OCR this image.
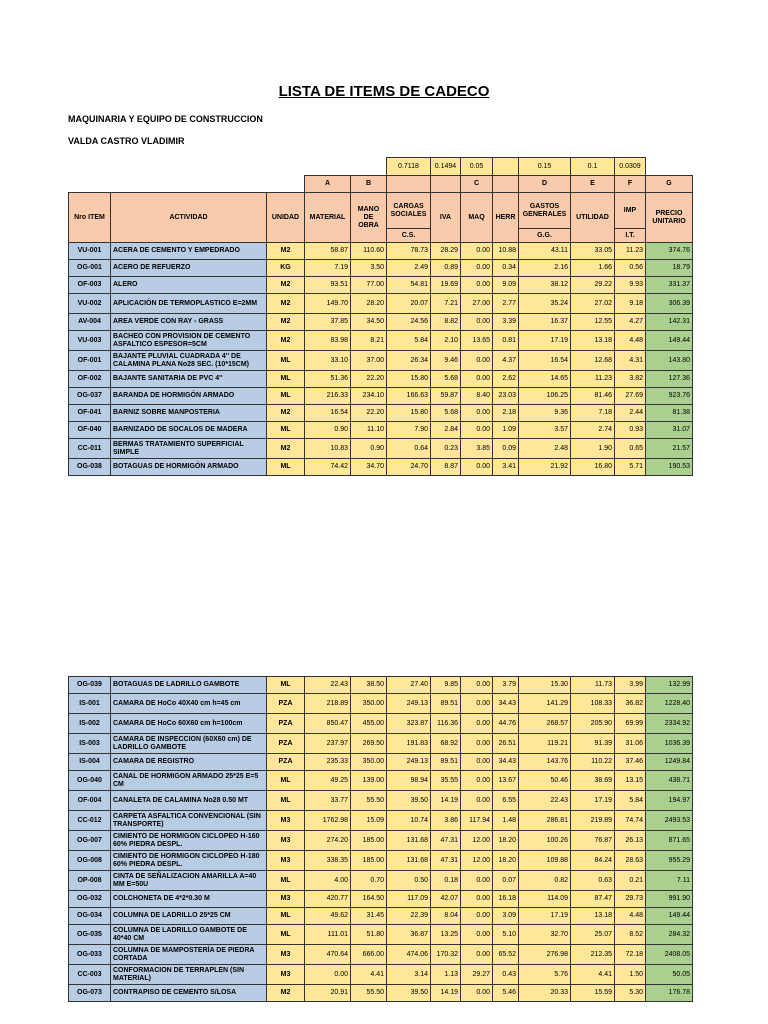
LISTA DE ITEMS DE CADECO
MAQUINARIA Y EQUIPO DE CONSTRUCCION
VALDA CASTRO VLADIMIR
					0.7118	0.1494	0.05		0.15	0.1	0.0309	
			A	B			C		D	E	F	G
Nro ITEM	ACTIVIDAD	UNIDAD	MATERIAL	MANO DE OBRA	CARGAS SOCIALES	IVA	MAQ	HERR	GASTOS GENERALES	UTILIDAD	IMP	PRECIO UNITARIO
					C.S.				G.G.		I.T.	
VU-001	ACERA DE CEMENTO Y EMPEDRADO	M2	58.87	110.60	78.73	28.29	0.00	10.88	43.11	33.05	11.23	374.76
OG-001	ACERO DE REFUERZO	KG	7.19	3.50	2.49	0.89	0.00	0.34	2.16	1.66	0.56	18.79
OF-003	ALERO	M2	93.51	77.00	54.81	19.69	0.00	9.09	38.12	29.22	9.93	331.37
VU-002	APLICACIÓN DE TERMOPLASTICO E=2MM	M2	149.70	28.20	20.07	7.21	27.00	2.77	35.24	27.02	9.18	306.39
AV-004	AREA VERDE CON RAY - GRASS	M2	37.85	34.50	24.56	8.82	0.00	3.39	16.37	12.55	4.27	142.31
VU-003	BACHEO CON PROVISION DE CEMENTO ASFALTICO ESPESOR=5CM	M2	83.98	8.21	5.84	2.10	13.65	0.81	17.19	13.18	4.48	149.44
OF-001	BAJANTE PLUVIAL CUADRADA 4'' DE CALAMINA PLANA No28 SEC. (10*15CM)	ML	33.10	37.00	26.34	9.46	0.00	4.37	16.54	12.68	4.31	143.80
OF-002	BAJANTE SANITARIA DE PVC 4''	ML	51.36	22.20	15.80	5.68	0.00	2.62	14.65	11.23	3.82	127.36
OG-037	BARANDA DE HORMIGÓN ARMADO	ML	216.33	234.10	166.63	59.87	8.40	23.03	106.25	81.46	27.69	923.76
OF-041	BARNIZ SOBRE MANPOSTERIA	M2	16.54	22.20	15.80	5.68	0.00	2.18	9.36	7.18	2.44	81.38
OF-040	BARNIZADO DE SOCALOS DE MADERA	ML	0.90	11.10	7.90	2.84	0.00	1.09	3.57	2.74	0.93	31.07
CC-011	BERMAS TRATAMIENTO SUPERFICIAL SIMPLE	M2	10.83	0.90	0.64	0.23	3.85	0.09	2.48	1.90	0.65	21.57
OG-038	BOTAGUAS DE HORMIGÓN ARMADO	ML	74.42	34.70	24.70	8.87	0.00	3.41	21.92	16.80	5.71	190.53
OG-039	BOTAGUAS DE LADRILLO GAMBOTE	ML	22.43	38.50	27.40	9.85	0.00	3.79	15.30	11.73	3.99	132.99
IS-001	CAMARA DE HoCo 40X40 cm h=45 cm	PZA	218.89	350.00	249.13	89.51	0.00	34.43	141.29	108.33	36.82	1228.40
IS-002	CAMARA DE HoCo 60X60 cm h=100cm	PZA	850.47	455.00	323.87	116.36	0.00	44.76	268.57	205.90	69.99	2334.92
IS-003	CAMARA DE INSPECCION (60X60 cm) DE LADRILLO GAMBOTE	PZA	237.97	269.50	191.83	68.92	0.00	26.51	119.21	91.39	31.06	1036.39
IS-004	CAMARA DE REGISTRO	PZA	235.33	350.00	249.13	89.51	0.00	34.43	143.76	110.22	37.46	1249.84
OG-040	CANAL DE HORMIGON ARMADO 25*25 E=5 CM	ML	49.25	139.00	98.94	35.55	0.00	13.67	50.46	38.69	13.15	438.71
OF-004	CANALETA DE CALAMINA No28 0.50 MT	ML	33.77	55.50	39.50	14.19	0.00	6.55	22.43	17.19	5.84	194.97
CC-012	CARPETA ASFALTICA CONVENCIONAL (SIN TRANSPORTE)	M3	1762.98	15.09	10.74	3.86	117.94	1.48	286.81	219.89	74.74	2493.53
OG-007	CIMIENTO DE HORMIGON CICLOPEO H-160 60% PIEDRA DESPL.	M3	274.20	185.00	131.68	47.31	12.00	18.20	100.26	76.87	26.13	871.65
OG-008	CIMIENTO DE HORMIGON CICLOPEO H-180 60% PIEDRA DESPL.	M3	338.35	185.00	131.68	47.31	12.00	18.20	109.88	84.24	28.63	955.29
OP-008	CINTA DE SEÑALIZACION AMARILLA A=40 MM E=50U	ML	4.00	0.70	0.50	0.18	0.00	0.07	0.82	0.63	0.21	7.11
OG-032	COLCHONETA DE 4*2*0.30 M	M3	420.77	164.50	117.09	42.07	0.00	16.18	114.09	87.47	29.73	991.90
OG-034	COLUMNA DE LADRILLO 25*25 CM	ML	49.62	31.45	22.39	8.04	0.00	3.09	17.19	13.18	4.48	149.44
OG-035	COLUMNA DE LADRILLO GAMBOTE DE 40*40 CM	ML	111.01	51.80	36.87	13.25	0.00	5.10	32.70	25.07	8.52	284.32
OG-033	COLUMNA DE MAMPOSTERÍA DE PIEDRA CORTADA	M3	470.64	666.00	474.06	170.32	0.00	65.52	276.98	212.35	72.18	2408.05
CC-003	CONFORMACION DE TERRAPLEN (SIN MATERIAL)	M3	0.00	4.41	3.14	1.13	29.27	0.43	5.76	4.41	1.50	50.05
OG-073	CONTRAPISO DE CEMENTO S/LOSA	M2	20.91	55.50	39.50	14.19	0.00	5.46	20.33	15.59	5.30	176.78
